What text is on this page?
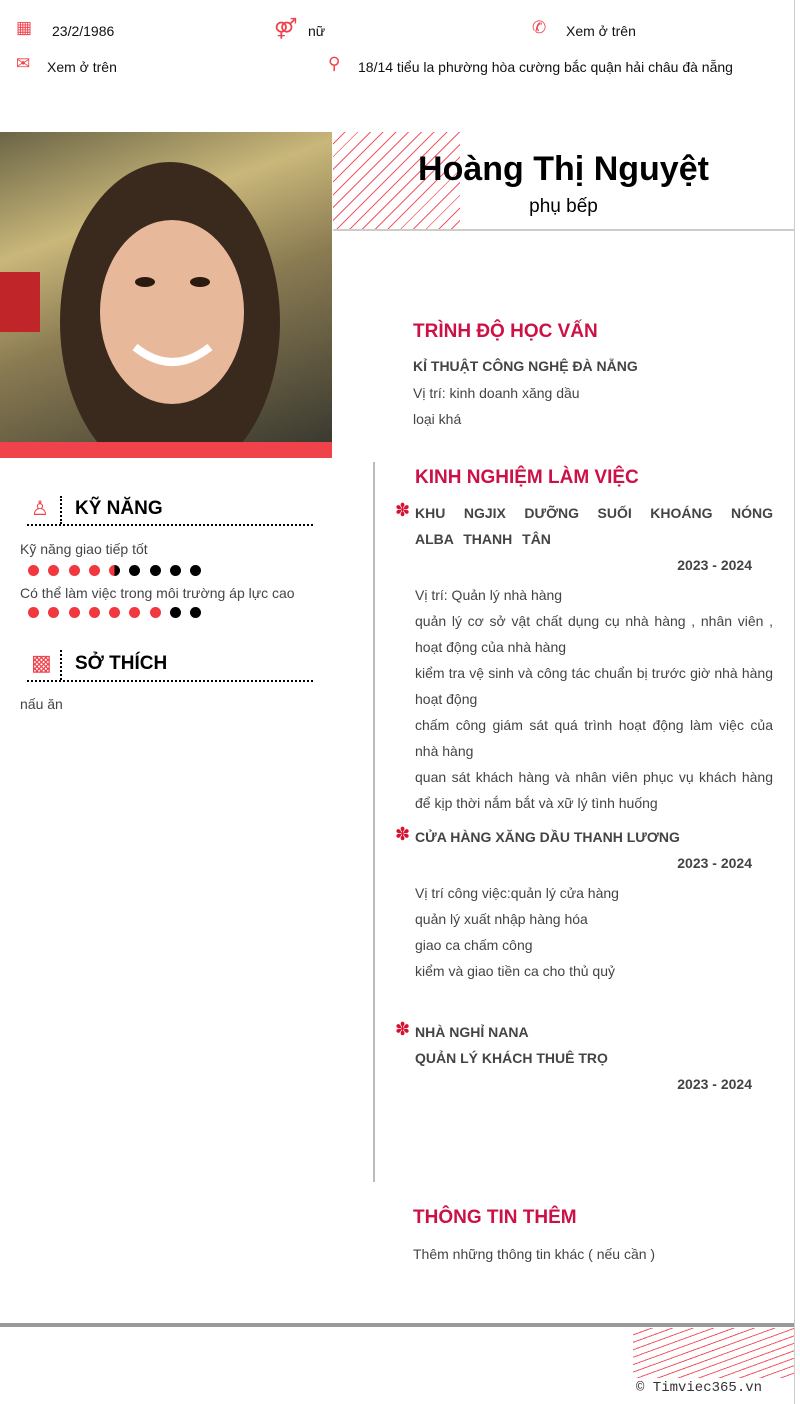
▦ 23/2/1986	⚤ nữ	✆ Xem ở trên
✉ Xem ở trên	⚲ 18/14 tiểu la phường hòa cường bắc quận hải châu đà nẵng
Hoàng Thị Nguyệt
phụ bếp
♙ KỸ NĂNG
Kỹ năng giao tiếp tốt
Có thể làm việc trong môi trường áp lực cao
▩ SỞ THÍCH
nấu ăn
TRÌNH ĐỘ HỌC VẤN
KỈ THUẬT CÔNG NGHỆ ĐÀ NẴNG
Vị trí: kinh doanh xăng dầu
loại khá
KINH NGHIỆM LÀM VIỆC
✽ KHU NGJIX DƯỠNG SUỐI KHOÁNG NÓNG ALBA THANH TÂN
2023 - 2024
Vị trí: Quản lý nhà hàng
quản lý cơ sở vật chất dụng cụ nhà hàng , nhân viên , hoạt động của nhà hàng
kiểm tra vệ sinh và công tác chuẩn bị trước giờ nhà hàng hoạt động
chấm công giám sát quá trình hoạt động làm việc của nhà hàng
quan sát khách hàng và nhân viên phục vụ khách hàng để kịp thời nắm bắt và xữ lý tình huống
✽ CỬA HÀNG XĂNG DẦU THANH LƯƠNG
2023 - 2024
Vị trí công việc:quản lý cửa hàng
quản lý xuất nhập hàng hóa
giao ca chấm công
kiểm và giao tiền ca cho thủ quỷ
✽ NHÀ NGHỈ NANA
QUẢN LÝ KHÁCH THUÊ TRỌ
2023 - 2024
THÔNG TIN THÊM
Thêm những thông tin khác ( nếu cần )
© Timviec365.vn
